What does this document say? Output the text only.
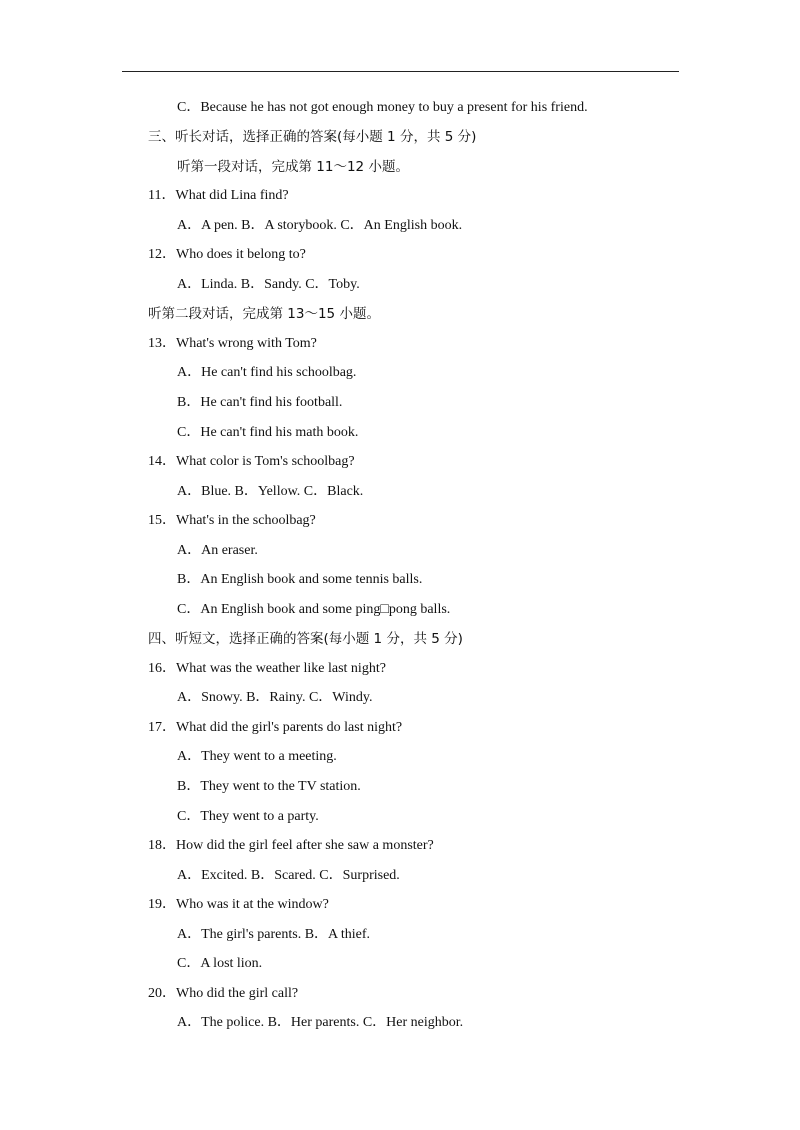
C．Because he has not got enough money to buy a present for his friend.
三、听长对话，选择正确的答案(每小题 1 分，共 5 分)
听第一段对话，完成第 11～12 小题。
11．What did Lina find?
A．A pen. B．A storybook. C．An English book.
12．Who does it belong to?
A．Linda. B．Sandy. C．Toby.
听第二段对话，完成第 13～15 小题。
13．What's wrong with Tom?
A．He can't find his schoolbag.
B．He can't find his football.
C．He can't find his math book.
14．What color is Tom's schoolbag?
A．Blue. B．Yellow. C．Black.
15．What's in the schoolbag?
A．An eraser.
B．An English book and some tennis balls.
C．An English book and some ping□pong balls.
四、听短文，选择正确的答案(每小题 1 分，共 5 分)
16．What was the weather like last night?
A．Snowy. B．Rainy. C．Windy.
17．What did the girl's parents do last night?
A．They went to a meeting.
B．They went to the TV station.
C．They went to a party.
18．How did the girl feel after she saw a monster?
A．Excited. B．Scared. C．Surprised.
19．Who was it at the window?
A．The girl's parents. B．A thief.
C．A lost lion.
20．Who did the girl call?
A．The police. B．Her parents. C．Her neighbor.
